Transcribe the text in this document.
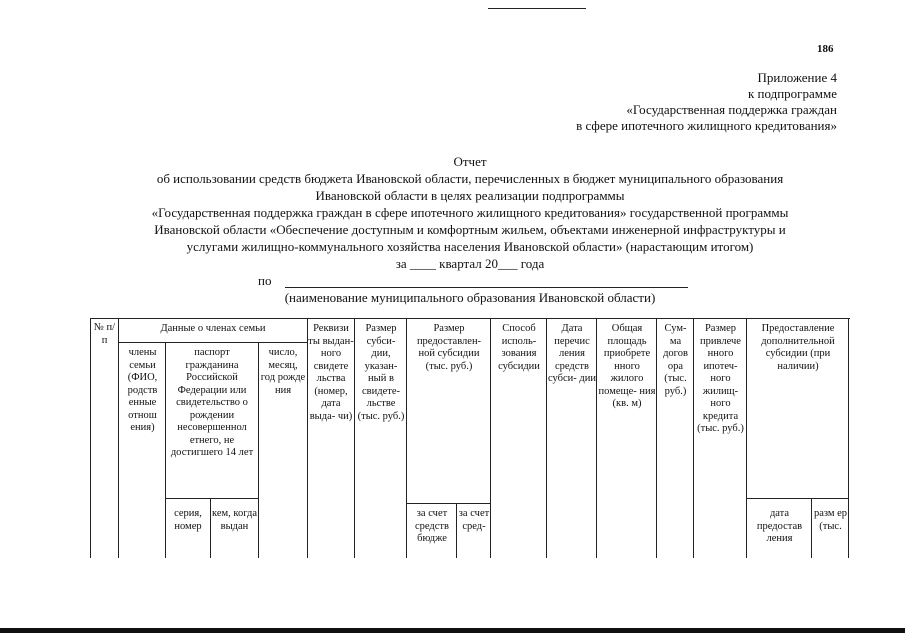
186
Приложение 4
к подпрограмме
«Государственная поддержка граждан
в сфере ипотечного жилищного кредитования»
Отчет
об использовании средств бюджета Ивановской области, перечисленных в бюджет муниципального образования
Ивановской области в целях реализации подпрограммы
«Государственная поддержка граждан в сфере ипотечного жилищного кредитования» государственной программы
Ивановской области «Обеспечение доступным и комфортным жильем, объектами инженерной инфраструктуры и
услугами жилищно-коммунального хозяйства населения Ивановской области» (нарастающим итогом)
за ____ квартал 20___ года
по
(наименование муниципального образования Ивановской области)
№ п/п
Данные о членах семьи
члены семьи (ФИО, родств енные отнош ения)
паспорт гражданина Российской Федерации или свидетельство о рождении несовершеннол етнего, не достигшего 14 лет
число, месяц, год рожде ния
серия, номер
кем, когда выдан
Реквизи ты выдан- ного свидете льства (номер, дата выда- чи)
Размер субси- дии, указан- ный в свидете- льстве (тыс. руб.)
Размер предоставлен- ной субсидии (тыс. руб.)
за счет средств бюдже
за счет сред-
Способ исполь- зования субсидии
Дата перечис ления средств субси- дии
Общая площадь приобрете нного жилого помеще- ния (кв. м)
Сум- ма догов ора (тыс. руб.)
Размер привлече нного ипотеч- ного жилищ- ного кредита (тыс. руб.)
Предоставление дополнительной субсидии (при наличии)
дата предостав ления
разм ер (тыс.
